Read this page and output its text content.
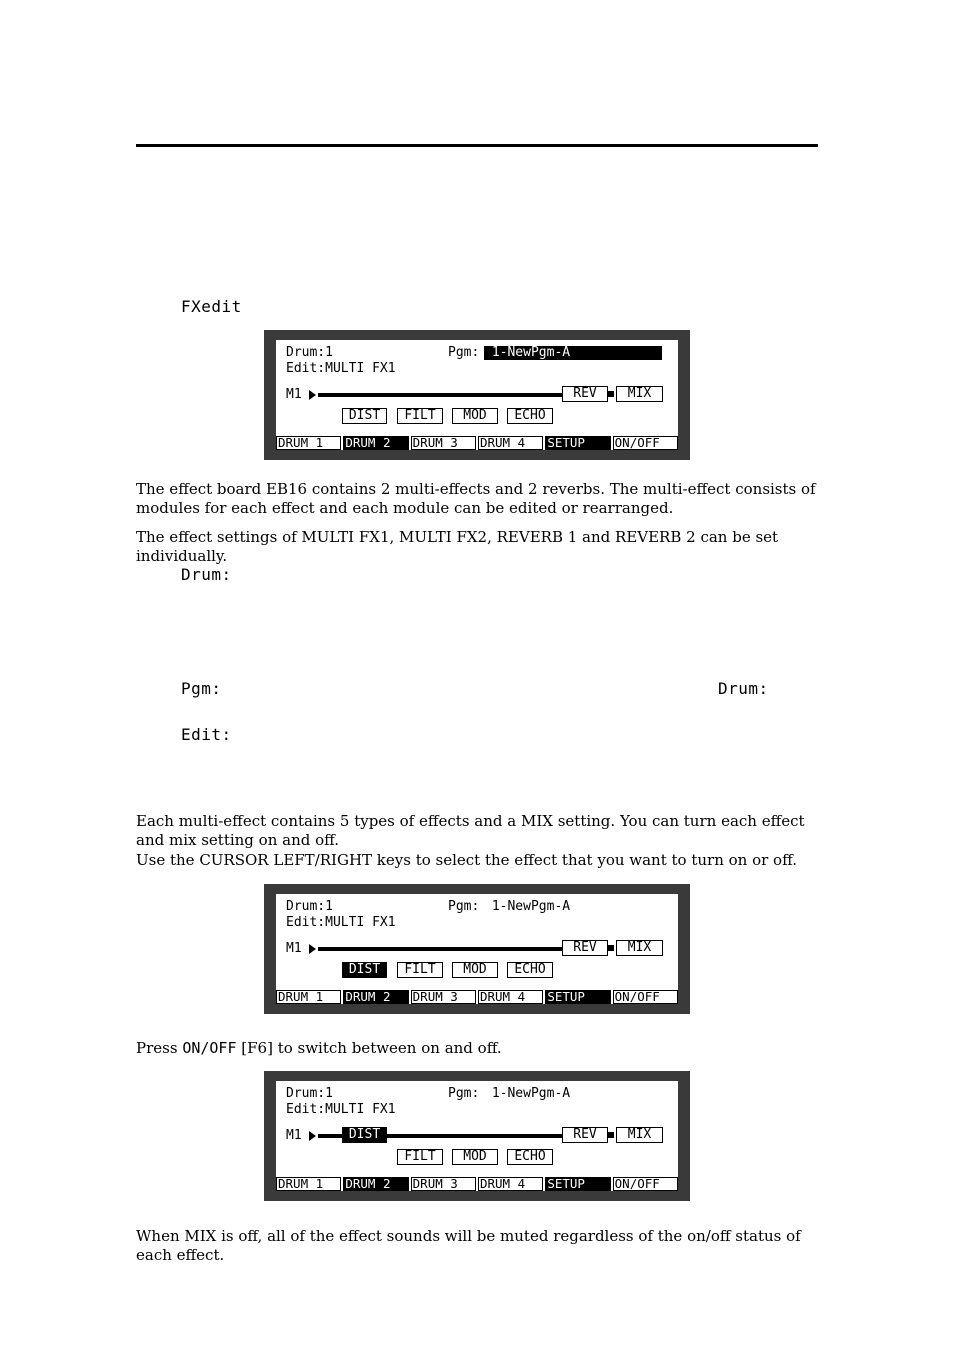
FXedit
Drum:1	Pgm: 1-NewPgm-A
Edit:MULTI FX1
M1	REV	MIX
DIST	FILT	MOD	ECHO
DRUM 1	DRUM 2	DRUM 3	DRUM 4	SETUP	ON/OFF
The effect board EB16 contains 2 multi-effects and 2 reverbs. The multi-effect consists of modules for each effect and each module can be edited or rearranged.
The effect settings of MULTI FX1, MULTI FX2, REVERB 1 and REVERB 2 can be set individually.
Drum:
Pgm:	Drum:
Edit:
Each multi-effect contains 5 types of effects and a MIX setting. You can turn each effect and mix setting on and off.
Use the CURSOR LEFT/RIGHT keys to select the effect that you want to turn on or off.
Drum:1	Pgm: 1-NewPgm-A
Edit:MULTI FX1
M1	REV	MIX
DIST	FILT	MOD	ECHO
DRUM 1	DRUM 2	DRUM 3	DRUM 4	SETUP	ON/OFF
Press ON/OFF [F6] to switch between on and off.
Drum:1	Pgm: 1-NewPgm-A
Edit:MULTI FX1
M1	DIST	REV	MIX
FILT	MOD	ECHO
DRUM 1	DRUM 2	DRUM 3	DRUM 4	SETUP	ON/OFF
When MIX is off, all of the effect sounds will be muted regardless of the on/off status of each effect.
